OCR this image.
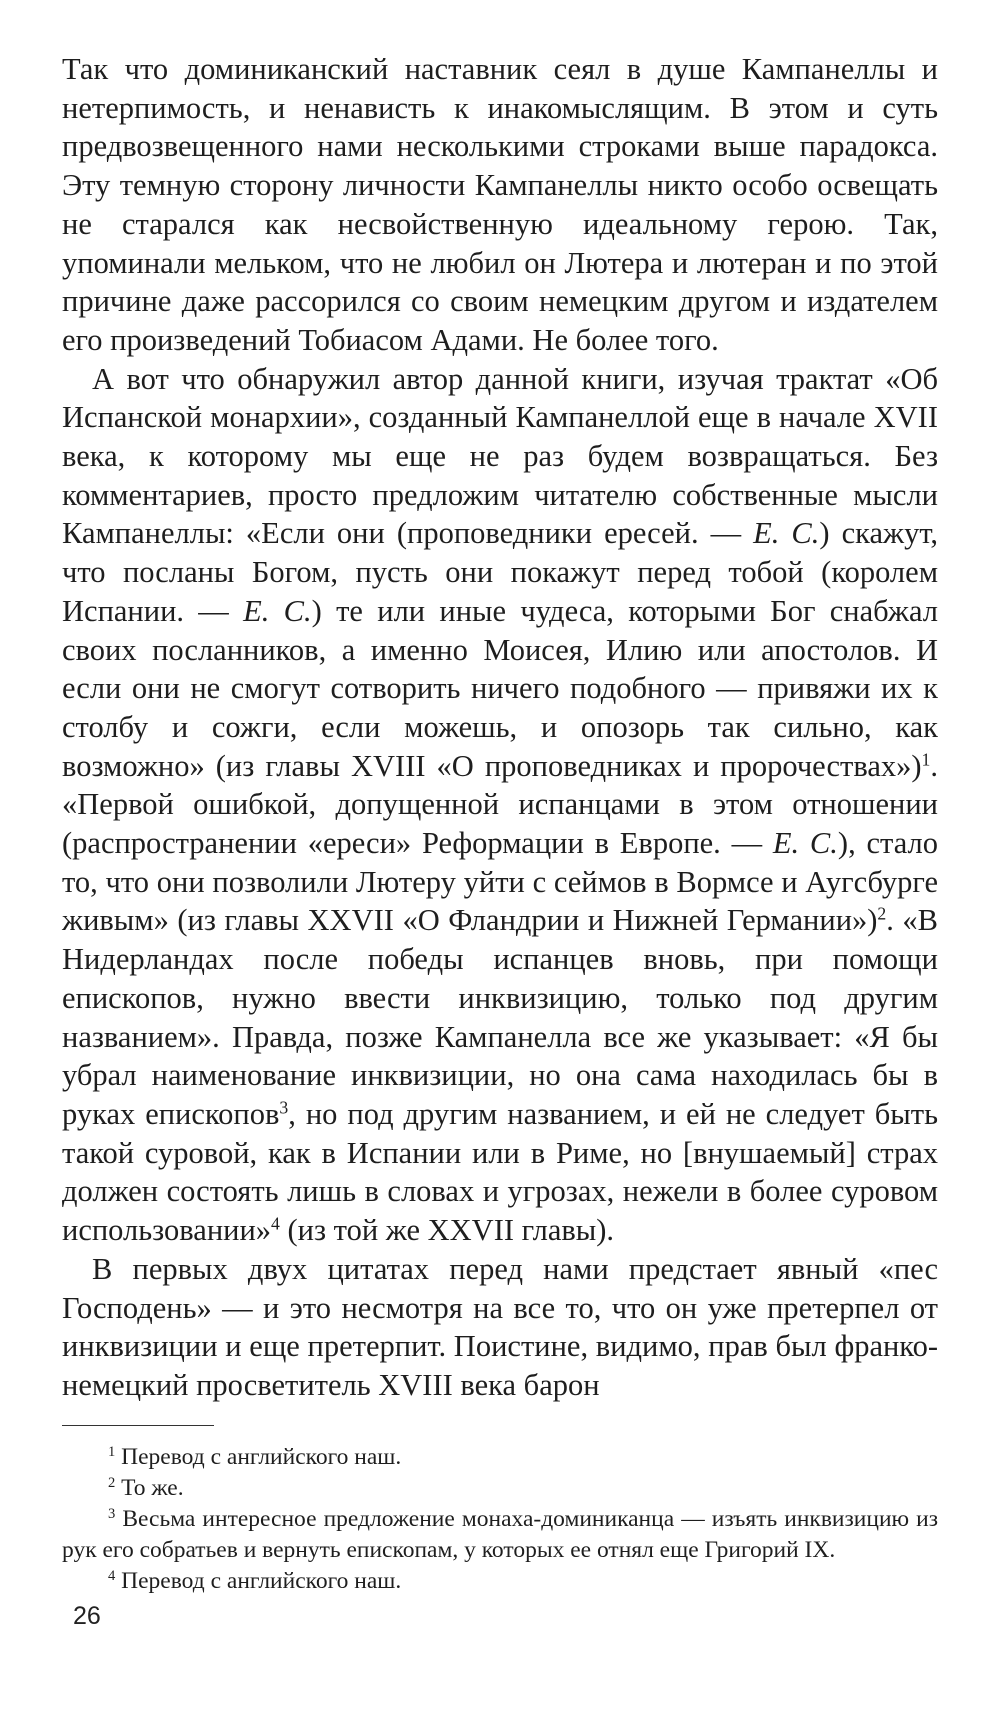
Так что доминиканский наставник сеял в душе Кампанеллы и нетерпимость, и ненависть к инакомыслящим. В этом и суть предвозвещенного нами несколькими строками выше парадокса. Эту темную сторону личности Кампанеллы никто особо освещать не старался как несвойственную идеальному герою. Так, упоминали мельком, что не любил он Лютера и лютеран и по этой причине даже рассорился со своим немецким другом и издателем его произведений Тобиасом Адами. Не более того.

А вот что обнаружил автор данной книги, изучая трактат «Об Испанской монархии», созданный Кампанеллой еще в начале XVII века, к которому мы еще не раз будем возвращаться. Без комментариев, просто предложим читателю собственные мысли Кампанеллы: «Если они (проповедники ересей. — Е. С.) скажут, что посланы Богом, пусть они покажут перед тобой (королем Испании. — Е. С.) те или иные чудеса, которыми Бог снабжал своих посланников, а именно Моисея, Илию или апостолов. И если они не смогут сотворить ничего подобного — привяжи их к столбу и сожги, если можешь, и опозорь так сильно, как возможно» (из главы XVIII «О проповедниках и пророчествах»)$^1$. «Первой ошибкой, допущенной испанцами в этом отношении (распространении «ереси» Реформации в Европе. — Е. С.), стало то, что они позволили Лютеру уйти с сеймов в Вормсе и Аугсбурге живым» (из главы XXVII «О Фландрии и Нижней Германии»)$^2$. «В Нидерландах после победы испанцев вновь, при помощи епископов, нужно ввести инквизицию, только под другим названием». Правда, позже Кампанелла все же указывает: «Я бы убрал наименование инквизиции, но она сама находилась бы в руках епископов$^3$, но под другим названием, и ей не следует быть такой суровой, как в Испании или в Риме, но [внушаемый] страх должен состоять лишь в словах и угрозах, нежели в более суровом использовании»$^4$ (из той же XXVII главы).

В первых двух цитатах перед нами предстает явный «пес Господень» — и это несмотря на все то, что он уже претерпел от инквизиции и еще претерпит. Поистине, видимо, прав был франко-немецкий просветитель XVIII века барон

$^1$ Перевод с английского наш.

$^2$ То же.

$^3$ Весьма интересное предложение монаха-доминиканца — изъять инквизицию из рук его собратьев и вернуть епископам, у которых ее отнял еще Григорий IX.

$^4$ Перевод с английского наш.

26
